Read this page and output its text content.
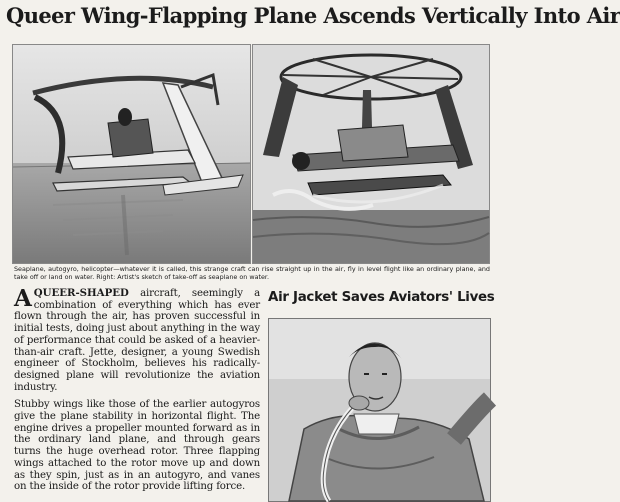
Queer Wing-Flapping Plane Ascends Vertically Into Air
Seaplane, autogyro, helicopter—whatever it is called, this strange craft can rise straight up in the air, fly in level flight like an ordinary plane, and take off or land on water. Right: Artist's sketch of take-off as seaplane on water.

AQUEER-SHAPED aircraft, seemingly a combination of everything which has ever flown through the air, has proven successful in initial tests, doing just about anything in the way of performance that could be asked of a heavier-than-air craft. Jette, designer, a young Swedish engineer of Stockholm, believes his radically-designed plane will revolutionize the aviation industry.

Stubby wings like those of the earlier autogyros give the plane stability in horizontal flight. The engine drives a propeller mounted forward as in the ordinary land plane, and through gears turns the huge overhead rotor. Three flapping wings attached to the rotor move up and down as they spin, just as in an autogyro, and vanes on the inside of the rotor provide lifting force.

Air Jacket Saves Aviators' Lives
